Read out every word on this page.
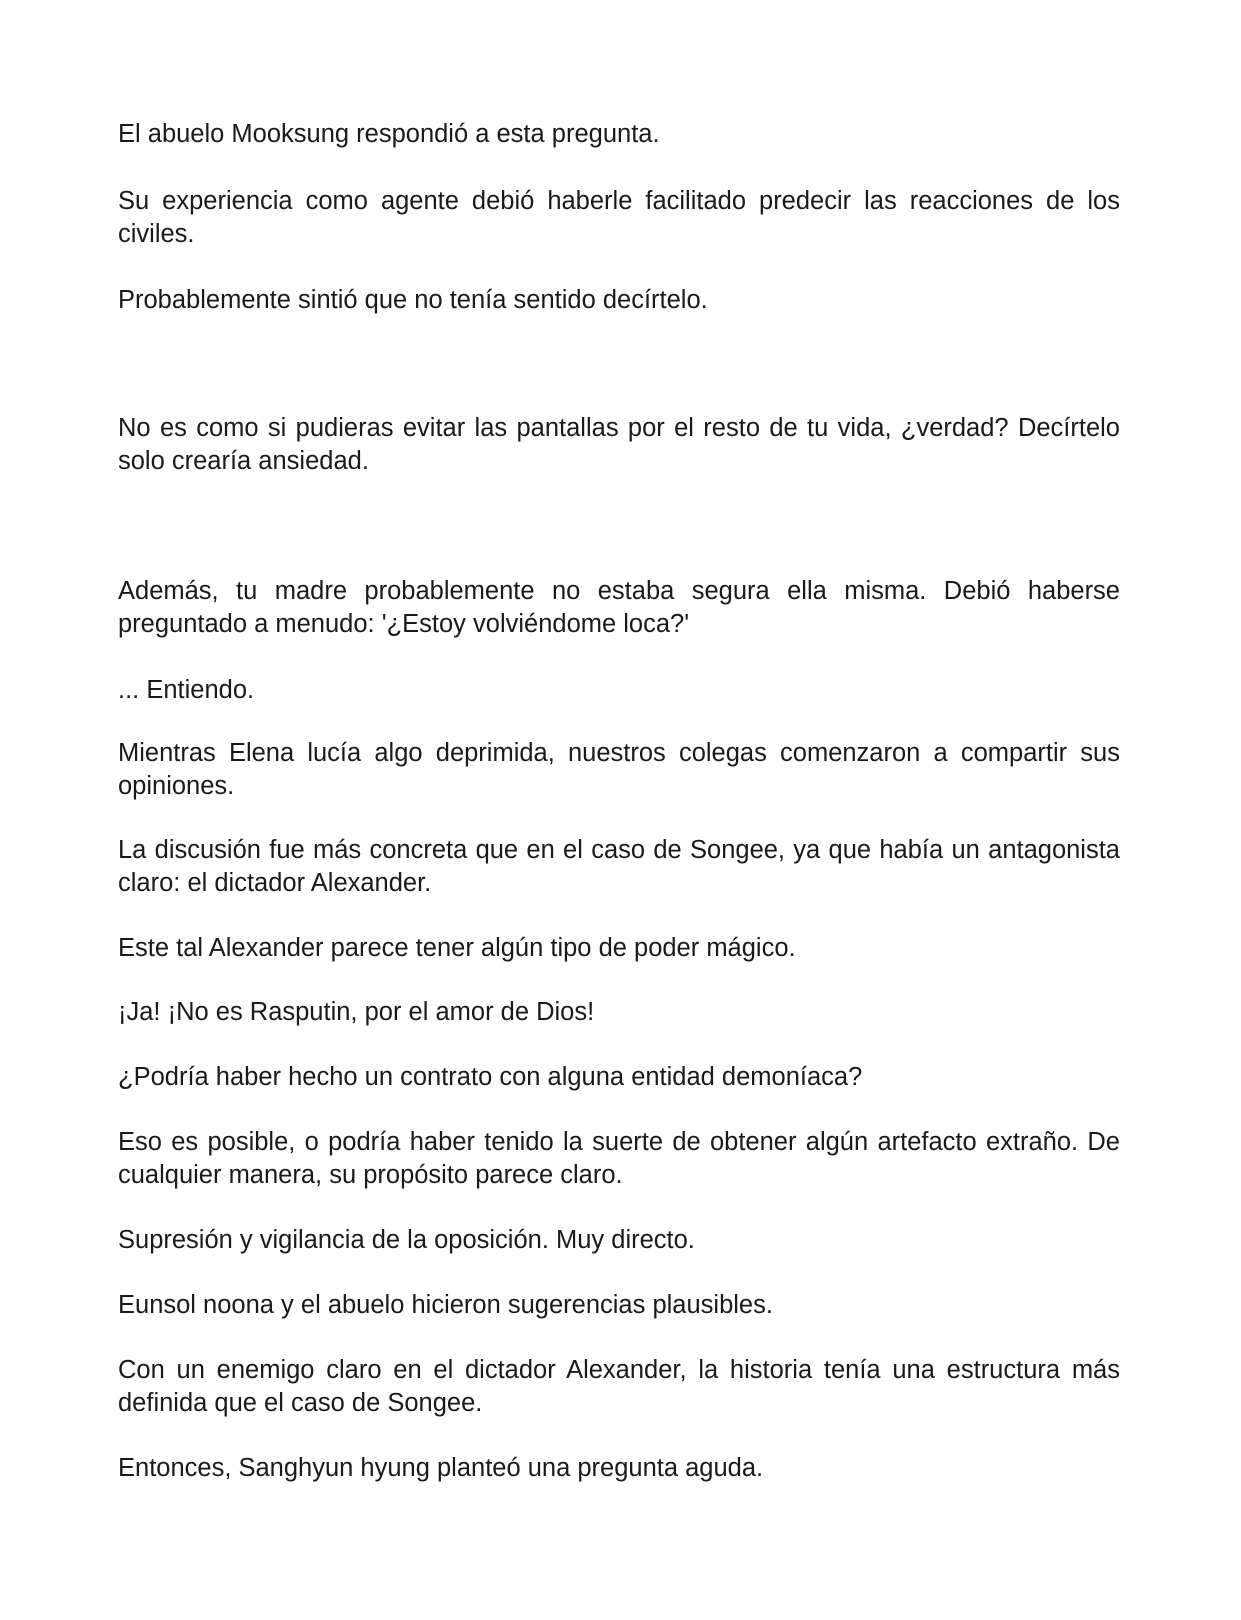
El abuelo Mooksung respondió a esta pregunta.

Su experiencia como agente debió haberle facilitado predecir las reacciones de los civiles.

Probablemente sintió que no tenía sentido decírtelo.

No es como si pudieras evitar las pantallas por el resto de tu vida, ¿verdad? Decírtelo solo crearía ansiedad.

Además, tu madre probablemente no estaba segura ella misma. Debió haberse preguntado a menudo: '¿Estoy volviéndome loca?'

... Entiendo.

Mientras Elena lucía algo deprimida, nuestros colegas comenzaron a compartir sus opiniones.

La discusión fue más concreta que en el caso de Songee, ya que había un antagonista claro: el dictador Alexander.

Este tal Alexander parece tener algún tipo de poder mágico.

¡Ja! ¡No es Rasputin, por el amor de Dios!

¿Podría haber hecho un contrato con alguna entidad demoníaca?

Eso es posible, o podría haber tenido la suerte de obtener algún artefacto extraño. De cualquier manera, su propósito parece claro.

Supresión y vigilancia de la oposición. Muy directo.

Eunsol noona y el abuelo hicieron sugerencias plausibles.

Con un enemigo claro en el dictador Alexander, la historia tenía una estructura más definida que el caso de Songee.

Entonces, Sanghyun hyung planteó una pregunta aguda.
